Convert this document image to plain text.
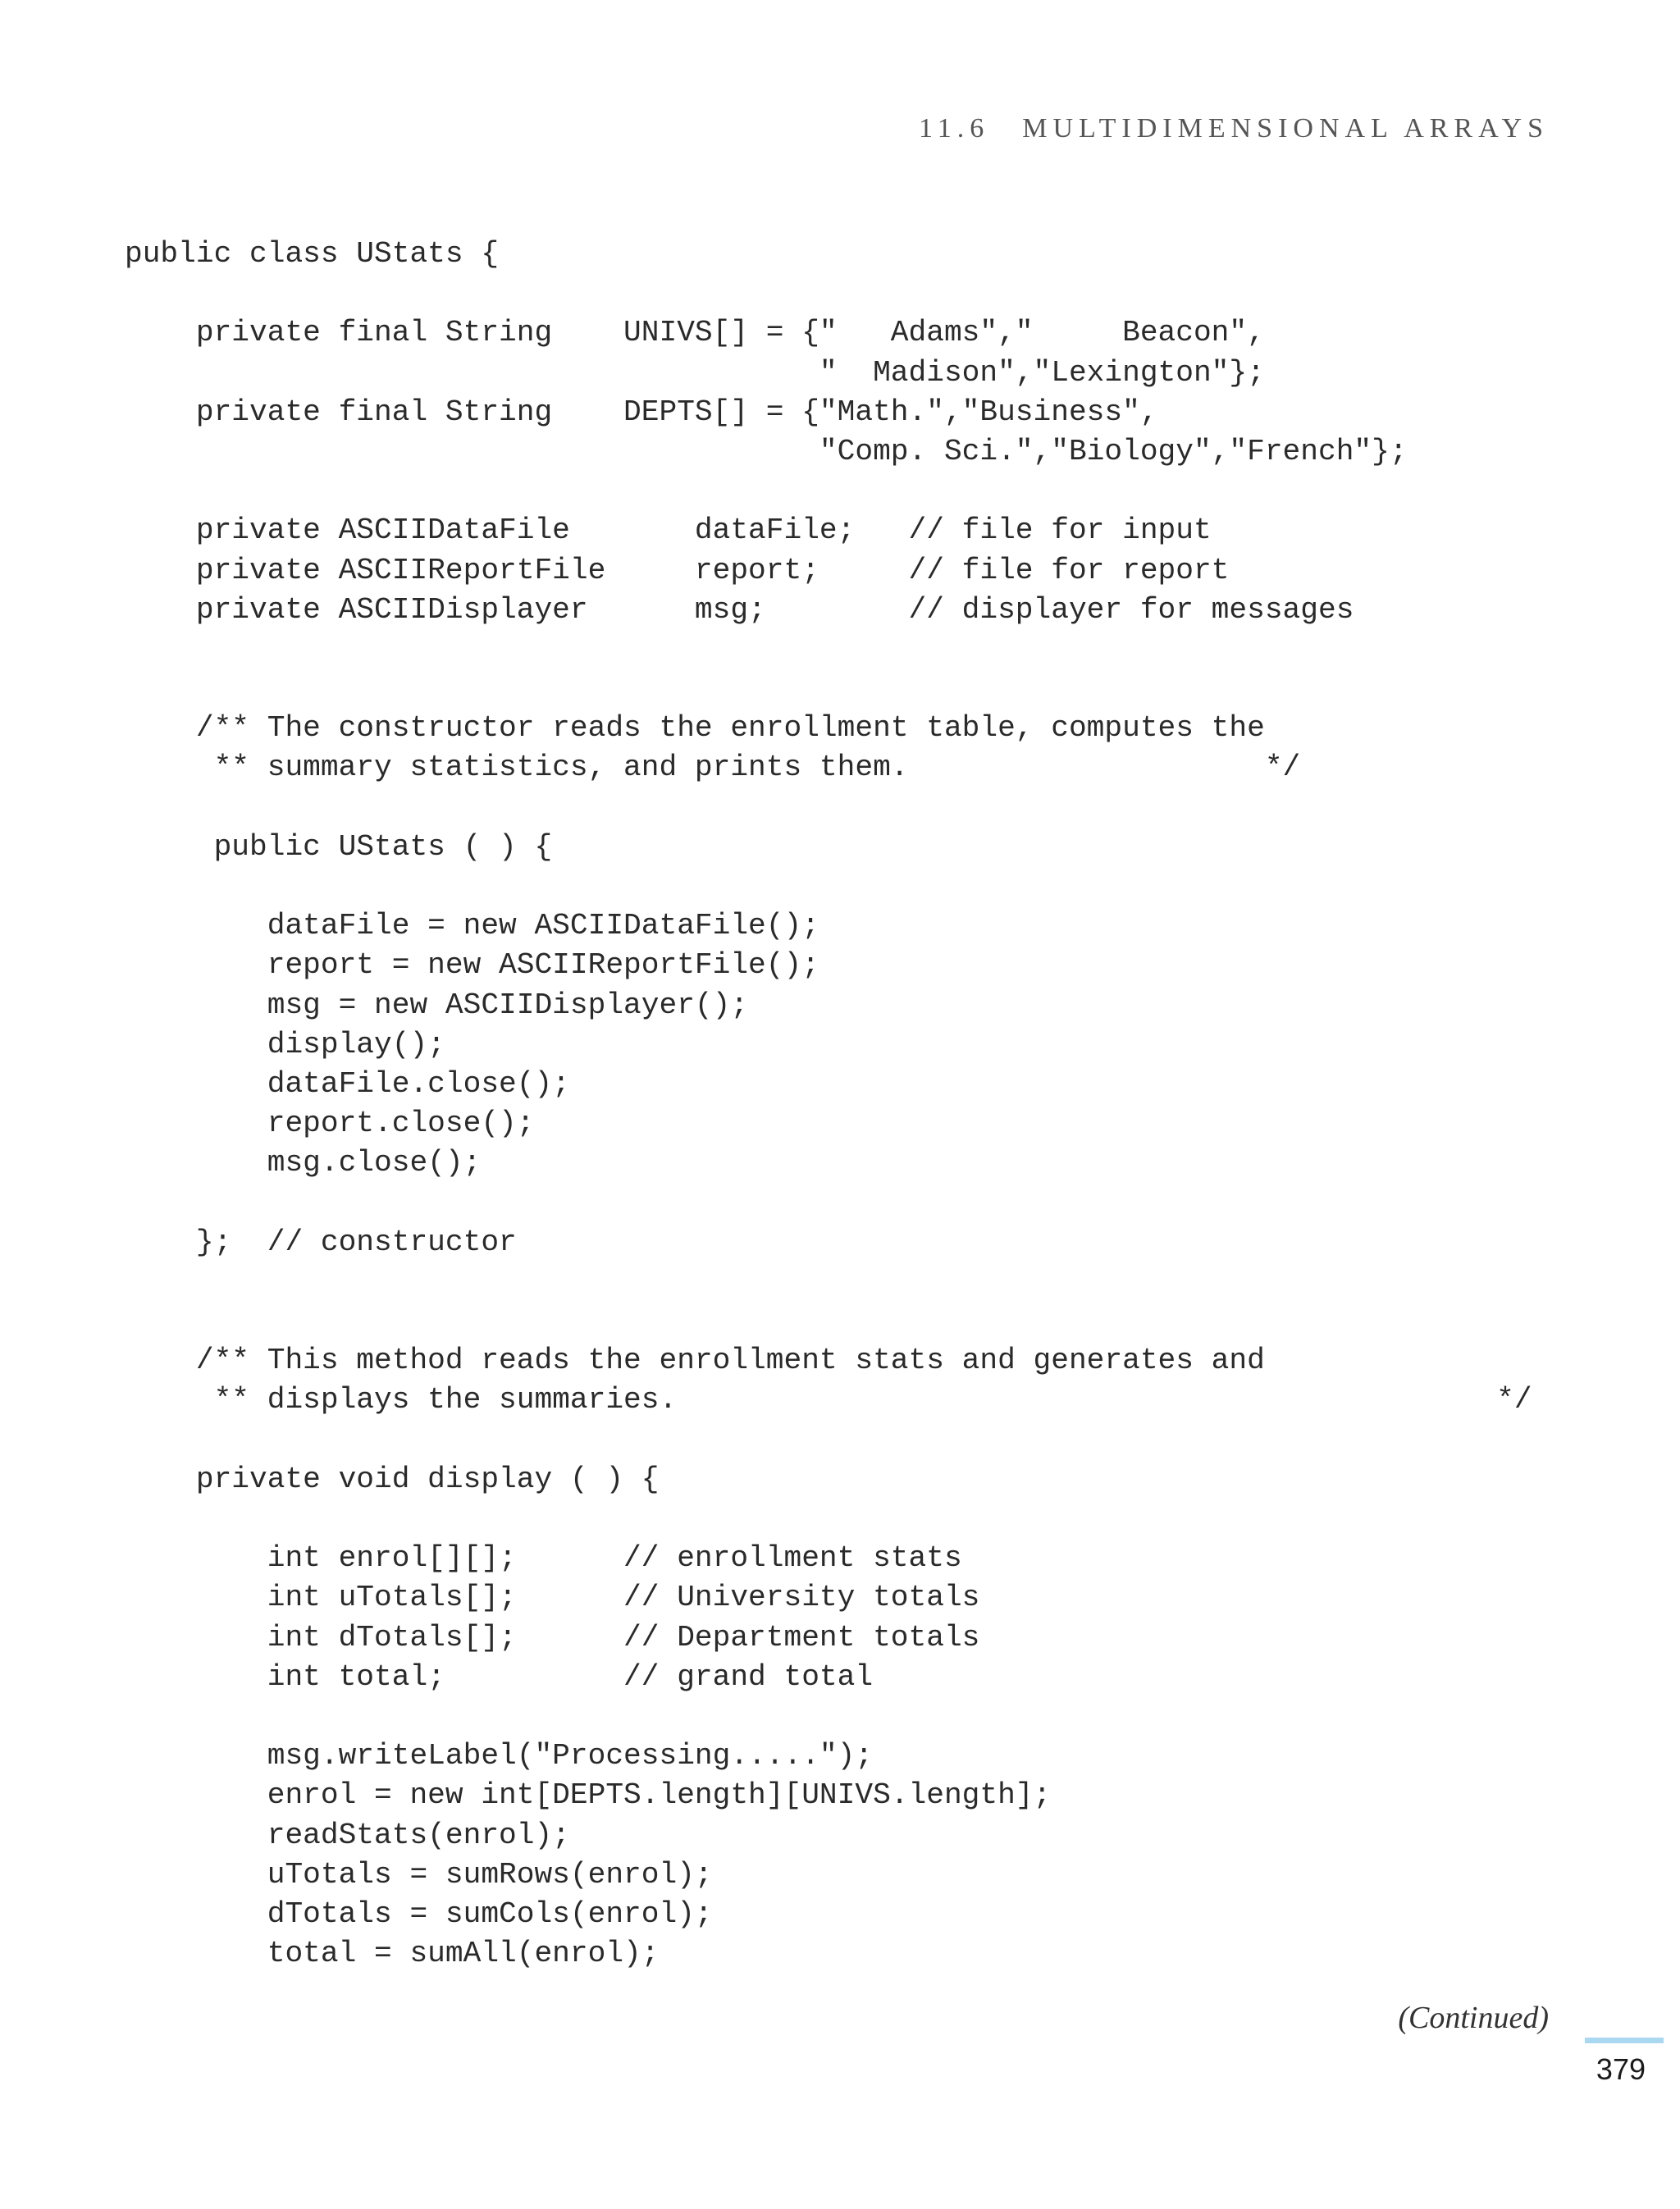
11.6 MULTIDIMENSIONAL ARRAYS
public class UStats {
private final String    UNIVS[] = {"   Adams","     Beacon",
"  Madison","Lexington"};
private final String    DEPTS[] = {"Math.","Business",
"Comp. Sci.","Biology","French"};
private ASCIIDataFile       dataFile;   // file for input
private ASCIIReportFile     report;     // file for report
private ASCIIDisplayer      msg;        // displayer for messages
/** The constructor reads the enrollment table, computes the
** summary statistics, and prints them.                    */
public UStats ( ) {
dataFile = new ASCIIDataFile();
report = new ASCIIReportFile();
msg = new ASCIIDisplayer();
display();
dataFile.close();
report.close();
msg.close();
};  // constructor
/** This method reads the enrollment stats and generates and
** displays the summaries.                                              */
private void display ( ) {
int enrol[][];      // enrollment stats
int uTotals[];      // University totals
int dTotals[];      // Department totals
int total;          // grand total
msg.writeLabel("Processing.....");
enrol = new int[DEPTS.length][UNIVS.length];
readStats(enrol);
uTotals = sumRows(enrol);
dTotals = sumCols(enrol);
total = sumAll(enrol);
(Continued)
379
